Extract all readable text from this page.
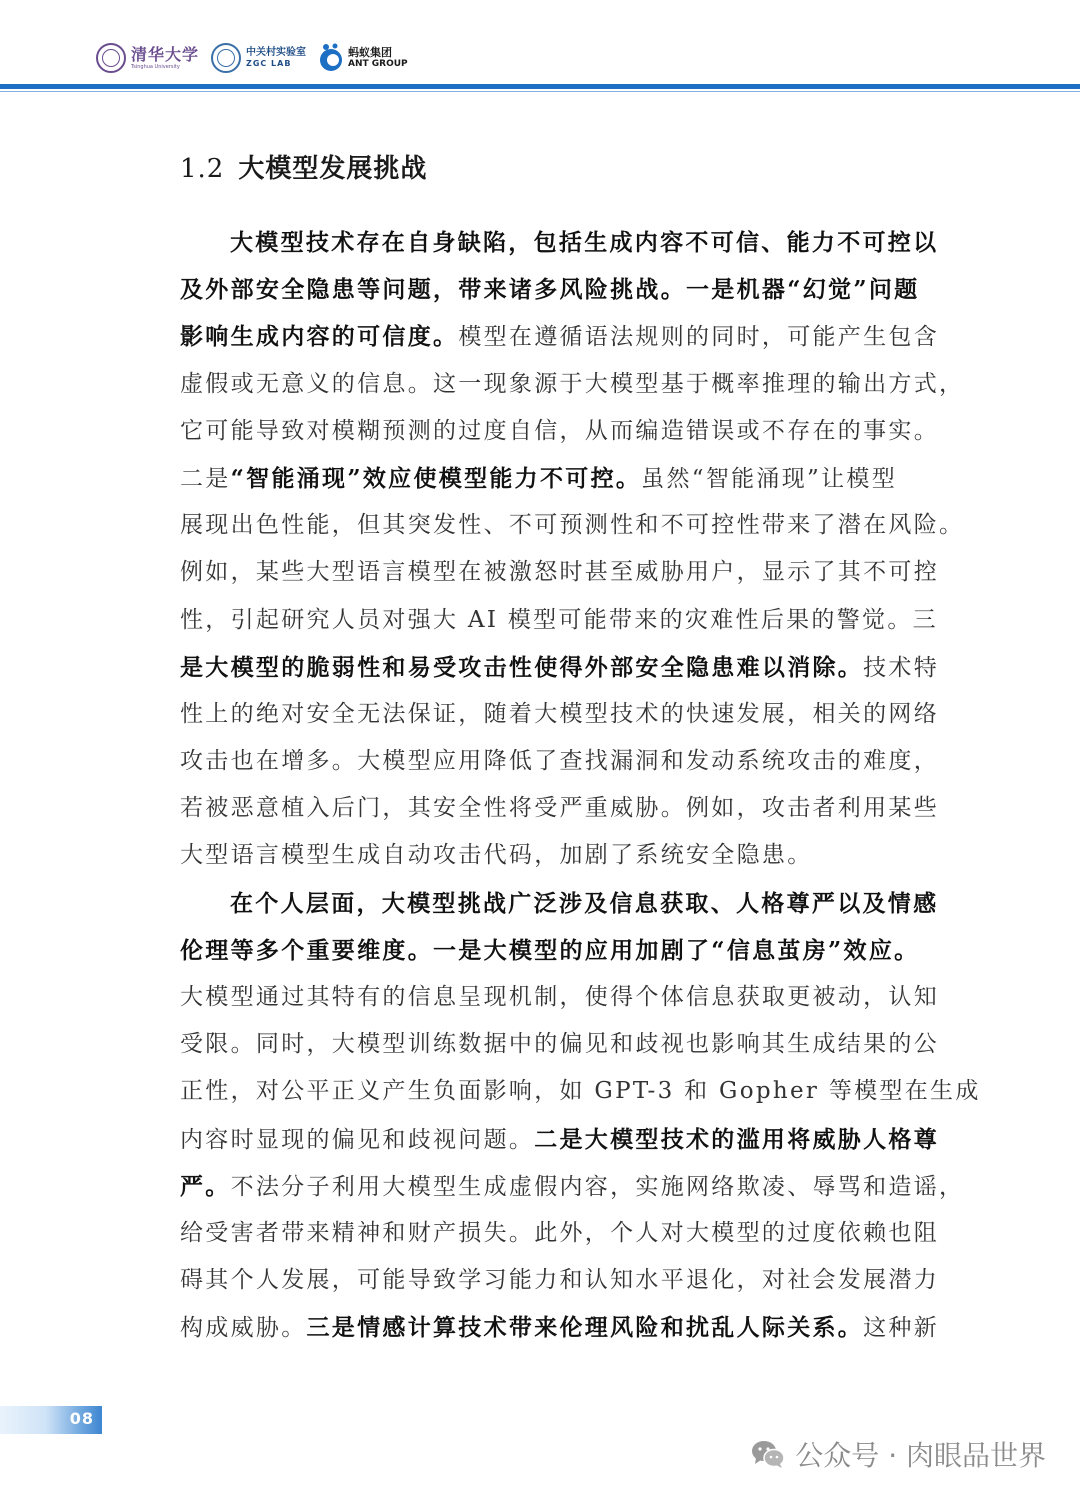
清华大学
Tsinghua University
中关村实验室
ZGC LAB
蚂蚁集团
ANT GROUP
1.2 大模型发展挑战
大模型技术存在自身缺陷，包括生成内容不可信、能力不可控以
及外部安全隐患等问题，带来诸多风险挑战。一是机器“幻觉”问题
影响生成内容的可信度。模型在遵循语法规则的同时，可能产生包含
虚假或无意义的信息。这一现象源于大模型基于概率推理的输出方式，
它可能导致对模糊预测的过度自信，从而编造错误或不存在的事实。
二是“智能涌现”效应使模型能力不可控。虽然“智能涌现”让模型
展现出色性能，但其突发性、不可预测性和不可控性带来了潜在风险。
例如，某些大型语言模型在被激怒时甚至威胁用户，显示了其不可控
性，引起研究人员对强大 AI 模型可能带来的灾难性后果的警觉。三
是大模型的脆弱性和易受攻击性使得外部安全隐患难以消除。技术特
性上的绝对安全无法保证，随着大模型技术的快速发展，相关的网络
攻击也在增多。大模型应用降低了查找漏洞和发动系统攻击的难度，
若被恶意植入后门，其安全性将受严重威胁。例如，攻击者利用某些
大型语言模型生成自动攻击代码，加剧了系统安全隐患。
在个人层面，大模型挑战广泛涉及信息获取、人格尊严以及情感
伦理等多个重要维度。一是大模型的应用加剧了“信息茧房”效应。
大模型通过其特有的信息呈现机制，使得个体信息获取更被动，认知
受限。同时，大模型训练数据中的偏见和歧视也影响其生成结果的公
正性，对公平正义产生负面影响，如 GPT-3 和 Gopher 等模型在生成
内容时显现的偏见和歧视问题。二是大模型技术的滥用将威胁人格尊
严。不法分子利用大模型生成虚假内容，实施网络欺凌、辱骂和造谣，
给受害者带来精神和财产损失。此外，个人对大模型的过度依赖也阻
碍其个人发展，可能导致学习能力和认知水平退化，对社会发展潜力
构成威胁。三是情感计算技术带来伦理风险和扰乱人际关系。这种新
08
公众号 · 肉眼品世界
